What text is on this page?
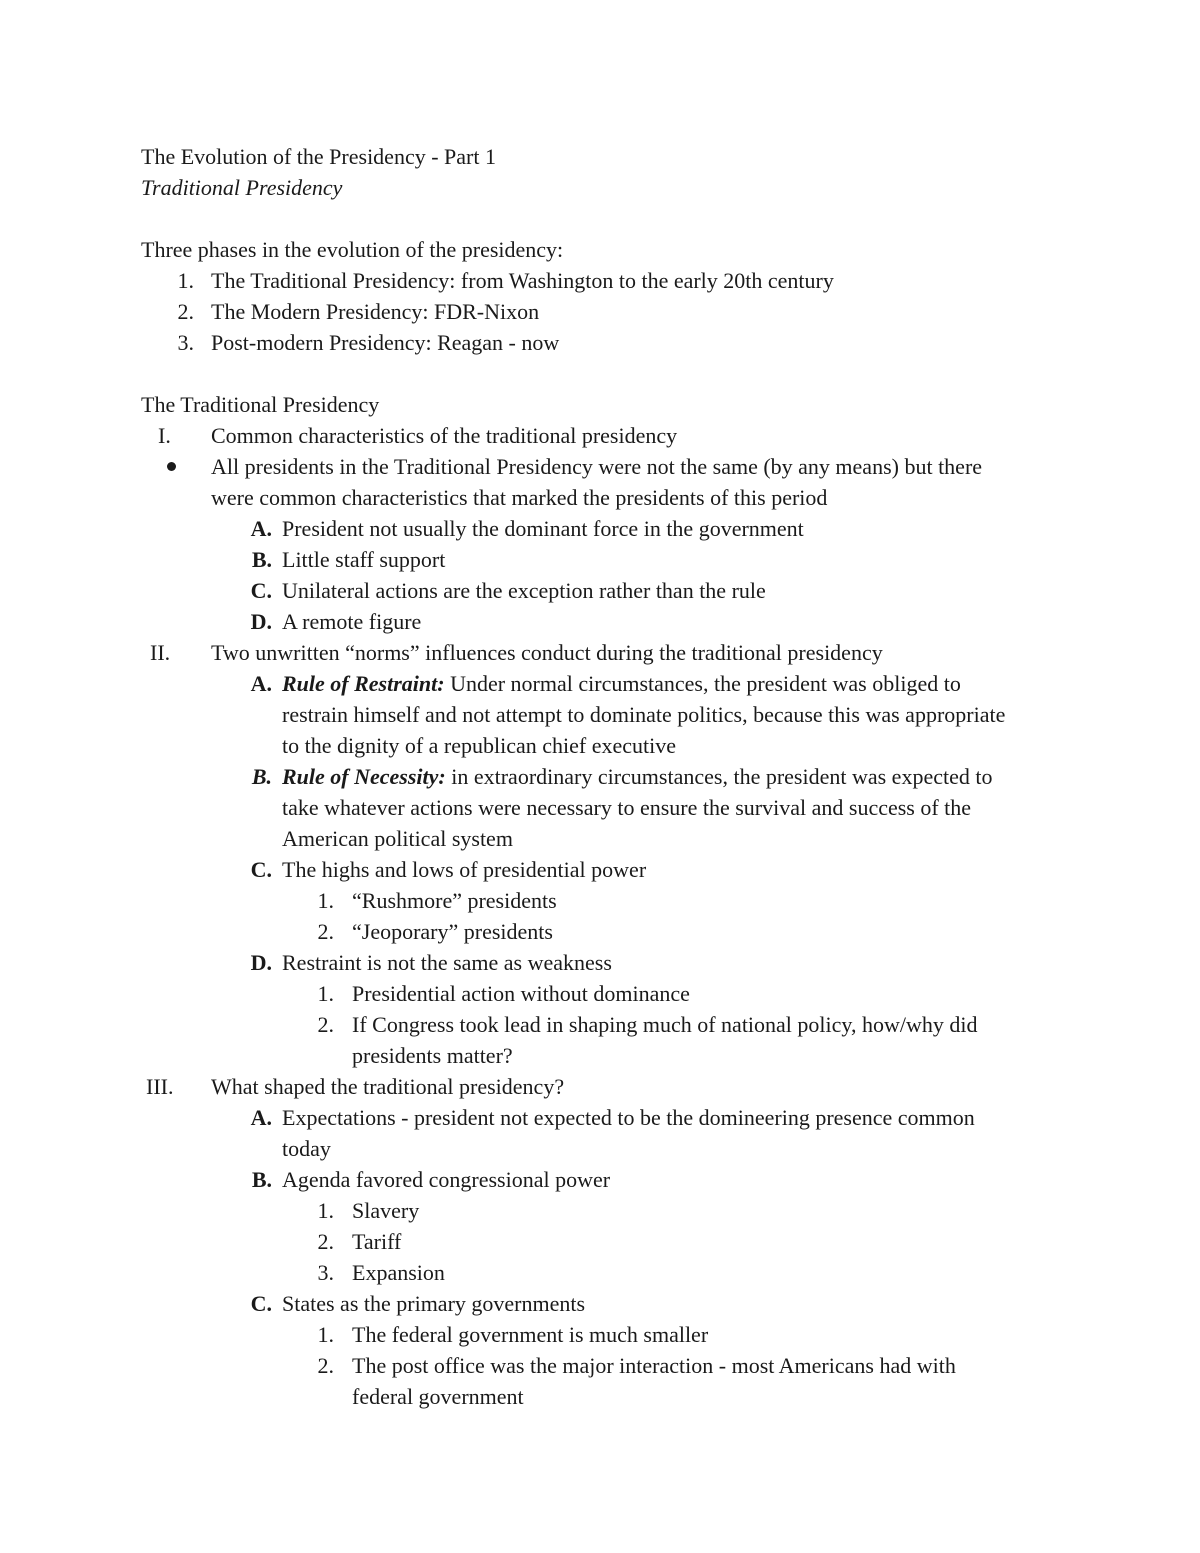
The Evolution of the Presidency - Part 1
Traditional Presidency
Three phases in the evolution of the presidency:
1. The Traditional Presidency: from Washington to the early 20th century
2. The Modern Presidency: FDR-Nixon
3. Post-modern Presidency: Reagan - now
The Traditional Presidency
I. Common characteristics of the traditional presidency
All presidents in the Traditional Presidency were not the same (by any means) but there
were common characteristics that marked the presidents of this period
A. President not usually the dominant force in the government
B. Little staff support
C. Unilateral actions are the exception rather than the rule
D. A remote figure
II. Two unwritten “norms” influences conduct during the traditional presidency
A. Rule of Restraint: Under normal circumstances, the president was obliged to
restrain himself and not attempt to dominate politics, because this was appropriate
to the dignity of a republican chief executive
B. Rule of Necessity: in extraordinary circumstances, the president was expected to
take whatever actions were necessary to ensure the survival and success of the
American political system
C. The highs and lows of presidential power
1. “Rushmore” presidents
2. “Jeoporary” presidents
D. Restraint is not the same as weakness
1. Presidential action without dominance
2. If Congress took lead in shaping much of national policy, how/why did
presidents matter?
III. What shaped the traditional presidency?
A. Expectations - president not expected to be the domineering presence common
today
B. Agenda favored congressional power
1. Slavery
2. Tariff
3. Expansion
C. States as the primary governments
1. The federal government is much smaller
2. The post office was the major interaction - most Americans had with
federal government
